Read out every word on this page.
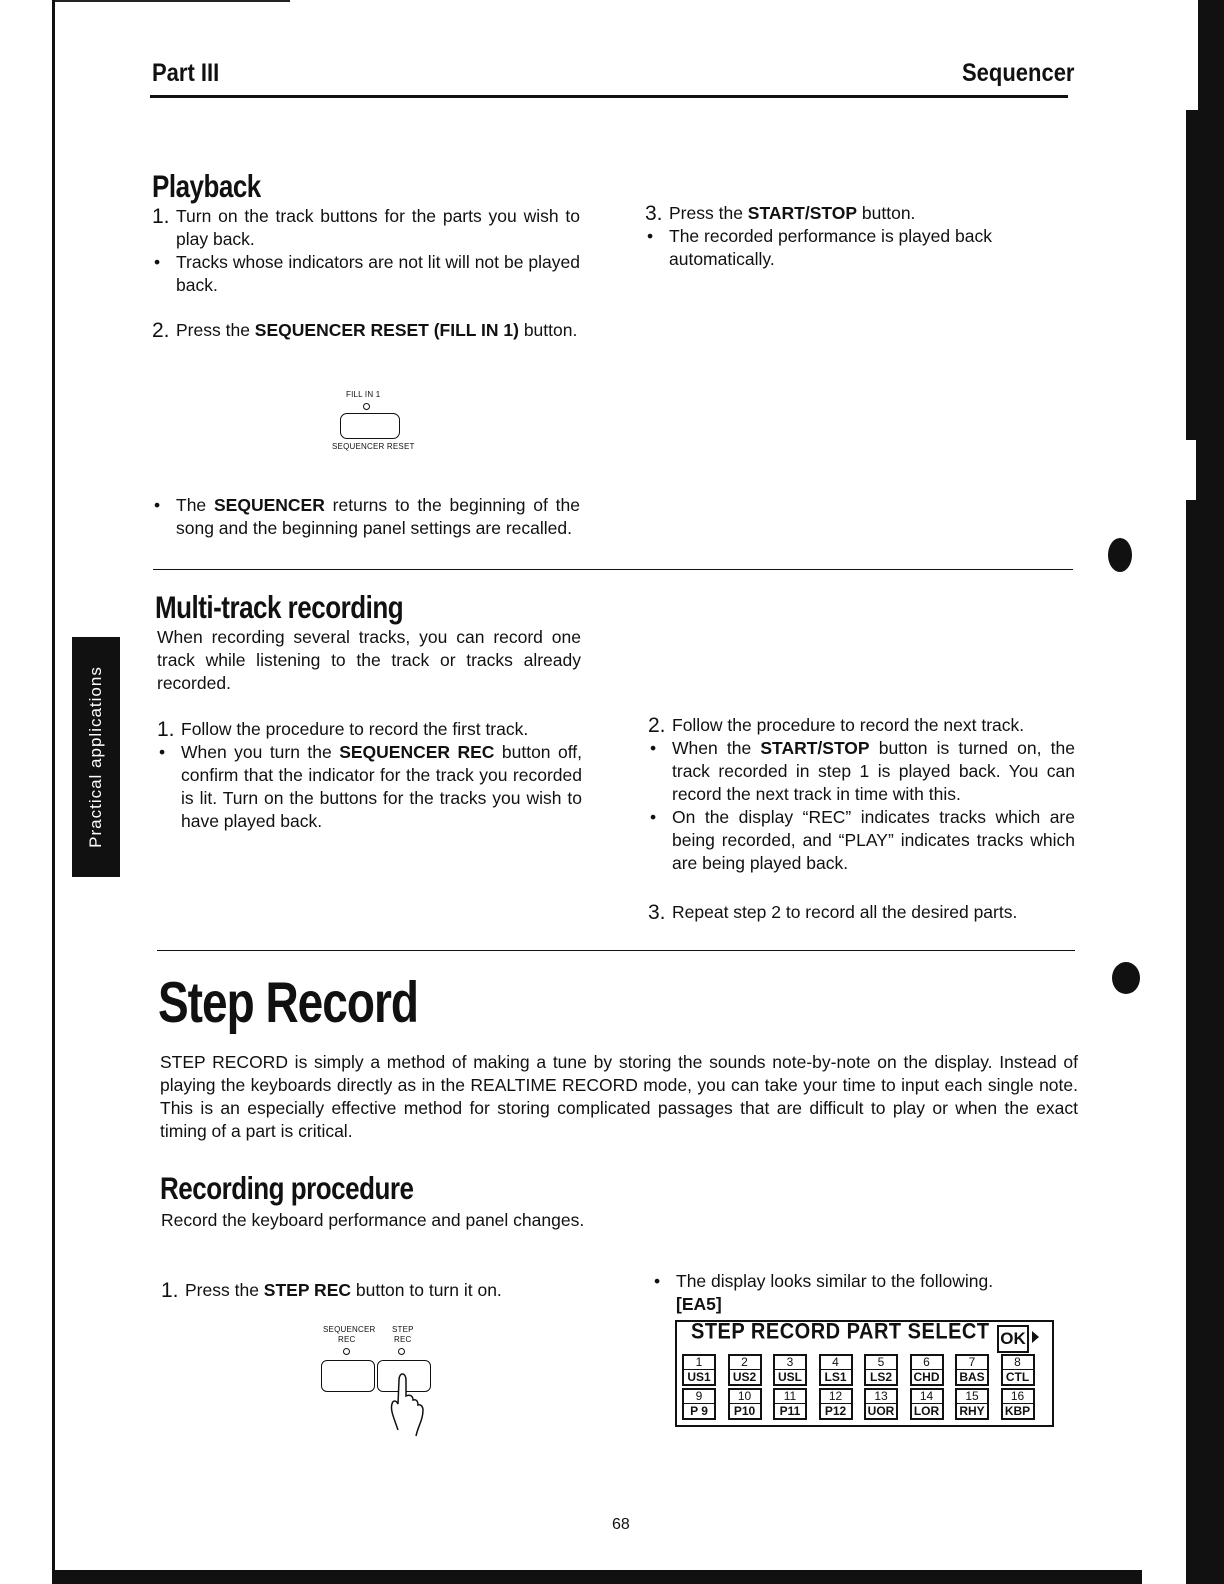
Part III	Sequencer
Practical applications
Playback
1. Turn on the track buttons for the parts you wish to play back.
• Tracks whose indicators are not lit will not be played back.
2. Press the SEQUENCER RESET (FILL IN 1) button.
FILL IN 1
SEQUENCER RESET
• The SEQUENCER returns to the beginning of the song and the beginning panel settings are recalled.
3. Press the START/STOP button.
• The recorded performance is played back automatically.
Multi-track recording
When recording several tracks, you can record one track while listening to the track or tracks already recorded.
1. Follow the procedure to record the first track.
• When you turn the SEQUENCER REC button off, confirm that the indicator for the track you recorded is lit. Turn on the buttons for the tracks you wish to have played back.
2. Follow the procedure to record the next track.
• When the START/STOP button is turned on, the track recorded in step 1 is played back. You can record the next track in time with this.
• On the display “REC” indicates tracks which are being recorded, and “PLAY” indicates tracks which are being played back.
3. Repeat step 2 to record all the desired parts.
Step Record
STEP RECORD is simply a method of making a tune by storing the sounds note-by-note on the display. Instead of playing the keyboards directly as in the REALTIME RECORD mode, you can take your time to input each single note. This is an especially effective method for storing complicated passages that are difficult to play or when the exact timing of a part is critical.
Recording procedure
Record the keyboard performance and panel changes.
1. Press the STEP REC button to turn it on.
SEQUENCER
REC
STEP
REC
• The display looks similar to the following.
[EA5]
STEP RECORD PART SELECT OK
1
US1
2
US2
3
USL
4
LS1
5
LS2
6
CHD
7
BAS
8
CTL
9
P 9
10
P10
11
P11
12
P12
13
UOR
14
LOR
15
RHY
16
KBP
68
